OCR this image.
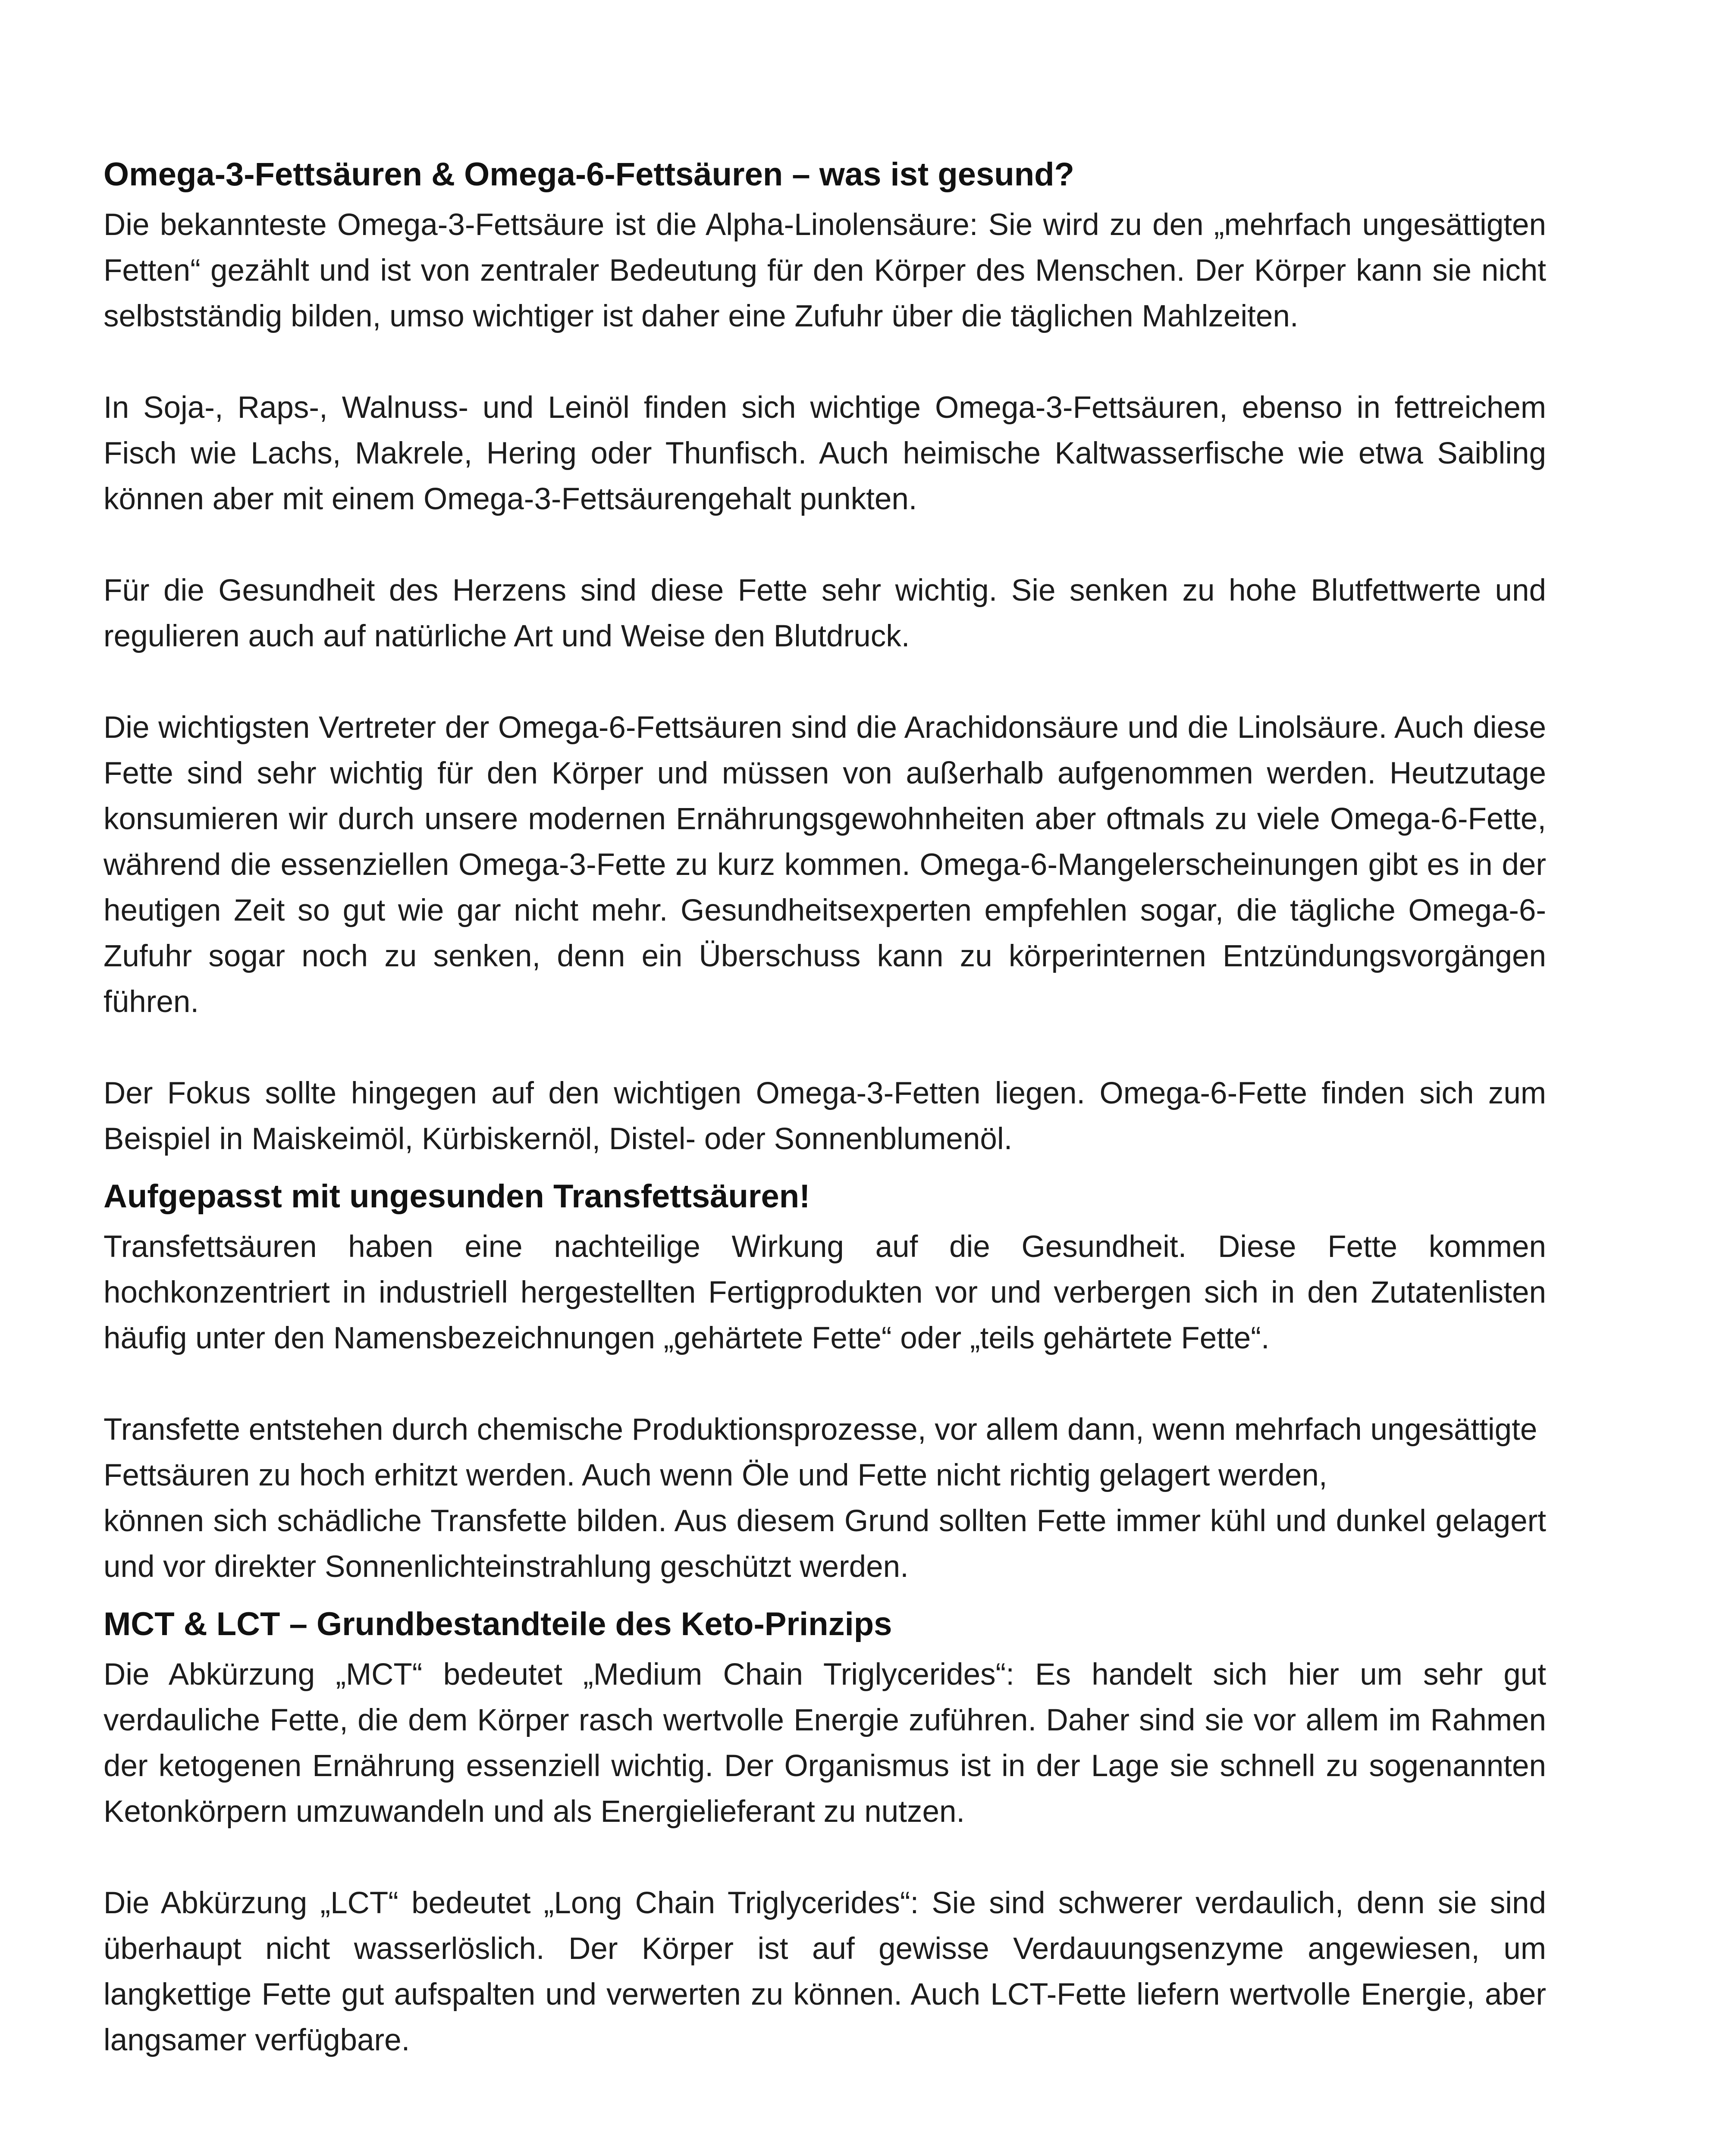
Omega-3-Fettsäuren & Omega-6-Fettsäuren – was ist gesund?

Die bekannteste Omega-3-Fettsäure ist die Alpha-Linolensäure: Sie wird zu den „mehrfach ungesättigten Fetten“ gezählt und ist von zentraler Bedeutung für den Körper des Menschen. Der Körper kann sie nicht selbstständig bilden, umso wichtiger ist daher eine Zufuhr über die täglichen Mahlzeiten.

In Soja-, Raps-, Walnuss- und Leinöl finden sich wichtige Omega-3-Fettsäuren, ebenso in fettreichem Fisch wie Lachs, Makrele, Hering oder Thunfisch. Auch heimische Kaltwasserfische wie etwa Saibling können aber mit einem Omega-3-Fettsäurengehalt punkten.

Für die Gesundheit des Herzens sind diese Fette sehr wichtig. Sie senken zu hohe Blutfettwerte und regulieren auch auf natürliche Art und Weise den Blutdruck.

Die wichtigsten Vertreter der Omega-6-Fettsäuren sind die Arachidonsäure und die Linolsäure. Auch diese Fette sind sehr wichtig für den Körper und müssen von außerhalb aufgenommen werden. Heutzutage konsumieren wir durch unsere modernen Ernährungsgewohnheiten aber oftmals zu viele Omega-6-Fette, während die essenziellen Omega-3-Fette zu kurz kommen. Omega-6-Mangelerscheinungen gibt es in der heutigen Zeit so gut wie gar nicht mehr. Gesundheitsexperten empfehlen sogar, die tägliche Omega-6-Zufuhr sogar noch zu senken, denn ein Überschuss kann zu körperinternen Entzündungsvorgängen führen.

Der Fokus sollte hingegen auf den wichtigen Omega-3-Fetten liegen. Omega-6-Fette finden sich zum Beispiel in Maiskeimöl, Kürbiskernöl, Distel- oder Sonnenblumenöl.

Aufgepasst mit ungesunden Transfettsäuren!

Transfettsäuren haben eine nachteilige Wirkung auf die Gesundheit. Diese Fette kommen hochkonzentriert in industriell hergestellten Fertigprodukten vor und verbergen sich in den Zutatenlisten häufig unter den Namensbezeichnungen „gehärtete Fette“ oder „teils gehärtete Fette“.

Transfette entstehen durch chemische Produktionsprozesse, vor allem dann, wenn mehrfach ungesättigte Fettsäuren zu hoch erhitzt werden. Auch wenn Öle und Fette nicht richtig gelagert werden,

können sich schädliche Transfette bilden. Aus diesem Grund sollten Fette immer kühl und dunkel gelagert und vor direkter Sonnenlichteinstrahlung geschützt werden.

MCT & LCT – Grundbestandteile des Keto-Prinzips

Die Abkürzung „MCT“ bedeutet „Medium Chain Triglycerides“: Es handelt sich hier um sehr gut verdauliche Fette, die dem Körper rasch wertvolle Energie zuführen. Daher sind sie vor allem im Rahmen der ketogenen Ernährung essenziell wichtig. Der Organismus ist in der Lage sie schnell zu sogenannten Ketonkörpern umzuwandeln und als Energielieferant zu nutzen.

Die Abkürzung „LCT“ bedeutet „Long Chain Triglycerides“: Sie sind schwerer verdaulich, denn sie sind überhaupt nicht wasserlöslich. Der Körper ist auf gewisse Verdauungsenzyme angewiesen, um langkettige Fette gut aufspalten und verwerten zu können. Auch LCT-Fette liefern wertvolle Energie, aber langsamer verfügbare.
